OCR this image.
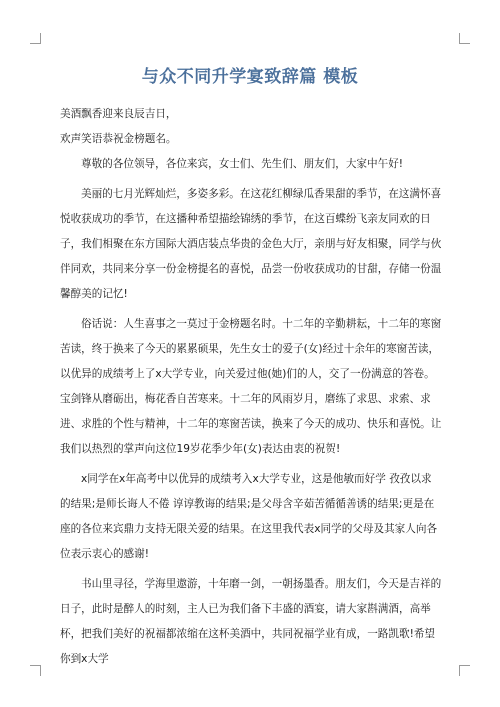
与众不同升学宴致辞篇 模板
美酒飘香迎来良辰吉日，
欢声笑语恭祝金榜题名。
尊敬的各位领导，各位来宾，女士们、先生们、朋友们，大家中午好!
美丽的七月光辉灿烂，多姿多彩。在这花红柳绿瓜香果甜的季节，在这满怀喜悦收获成功的季节，在这播种希望描绘锦绣的季节，在这百蝶纷飞亲友同欢的日子，我们相聚在东方国际大酒店装点华贵的金色大厅，亲朋与好友相聚，同学与伙伴同欢，共同来分享一份金榜提名的喜悦，品尝一份收获成功的甘甜，存储一份温馨醇美的记忆!
俗话说：人生喜事之一莫过于金榜题名时。十二年的辛勤耕耘，十二年的寒窗苦读，终于换来了今天的累累硕果，先生女士的爱子(女)经过十余年的寒窗苦读，以优异的成绩考上了x大学专业，向关爱过他(她)们的人，交了一份满意的答卷。宝剑锋从磨砺出，梅花香自苦寒来。十二年的风雨岁月，磨练了求思、求索、求进、求胜的个性与精神，十二年的寒窗苦读，换来了今天的成功、快乐和喜悦。让我们以热烈的掌声向这位19岁花季少年(女)表达由衷的祝贺!
x同学在x年高考中以优异的成绩考入x大学专业，这是他敏而好学 孜孜以求的结果;是师长诲人不倦 谆谆教诲的结果;是父母含辛茹苦循循善诱的结果;更是在座的各位来宾鼎力支持无限关爱的结果。在这里我代表x同学的父母及其家人向各位表示衷心的感谢!
书山里寻径，学海里遨游，十年磨一剑，一朝扬墨香。朋友们，今天是吉祥的日子，此时是醉人的时刻，主人已为我们备下丰盛的酒宴，请大家斟满酒，高举杯，把我们美好的祝福都浓缩在这杯美酒中，共同祝福学业有成，一路凯歌!希望你到x大学
